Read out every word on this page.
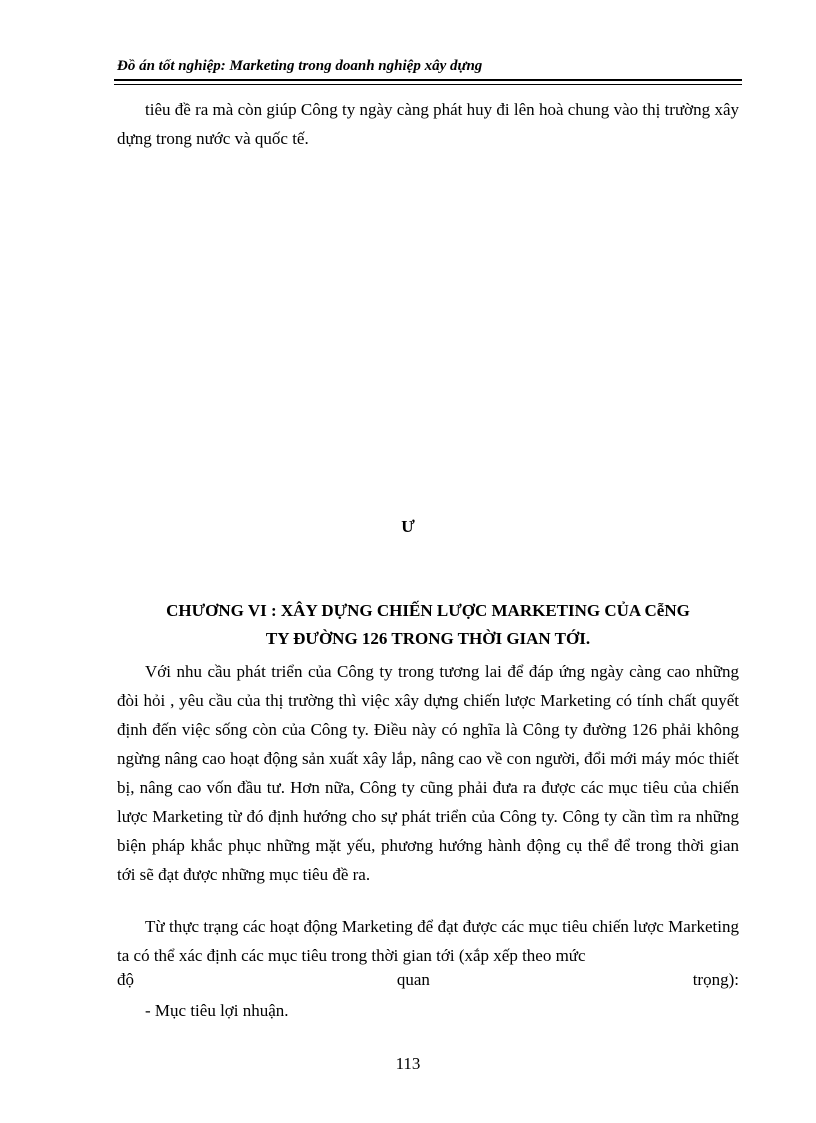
Đồ án tốt nghiệp: Marketing trong doanh nghiệp xây dựng
tiêu đề ra mà còn giúp Công ty ngày càng phát huy đi lên hoà chung vào thị trường xây dựng trong nước và quốc tế.
Ư
CHƯƠNG VI : XÂY DỰNG CHIẾN LƯỢC MARKETING CỦA CễNG
TY ĐƯỜNG 126 TRONG THỜI GIAN TỚI.
Với nhu cầu phát triển của Công ty trong tương lai để đáp ứng ngày càng cao những đòi hỏi , yêu cầu của thị trường thì việc xây dựng chiến lược Marketing có tính chất quyết định đến việc sống còn của Công ty. Điều này có nghĩa là Công ty đường 126 phải không ngừng nâng cao hoạt động sản xuất xây lắp, nâng cao về con người, đổi mới máy móc thiết bị, nâng cao vốn đầu tư. Hơn nữa, Công ty cũng phải đưa ra được các mục tiêu của chiến lược Marketing từ đó định hướng cho sự phát triển của Công ty. Công ty cần tìm ra những biện pháp khắc phục những mặt yếu, phương hướng hành động cụ thể để trong thời gian tới sẽ đạt được những mục tiêu đề ra.
Từ thực trạng các hoạt động Marketing để đạt được các mục tiêu chiến lược Marketing ta có thể xác định các mục tiêu trong thời gian tới (xắp xếp theo mức
độ	quan	trọng):
- Mục tiêu lợi nhuận.
113
